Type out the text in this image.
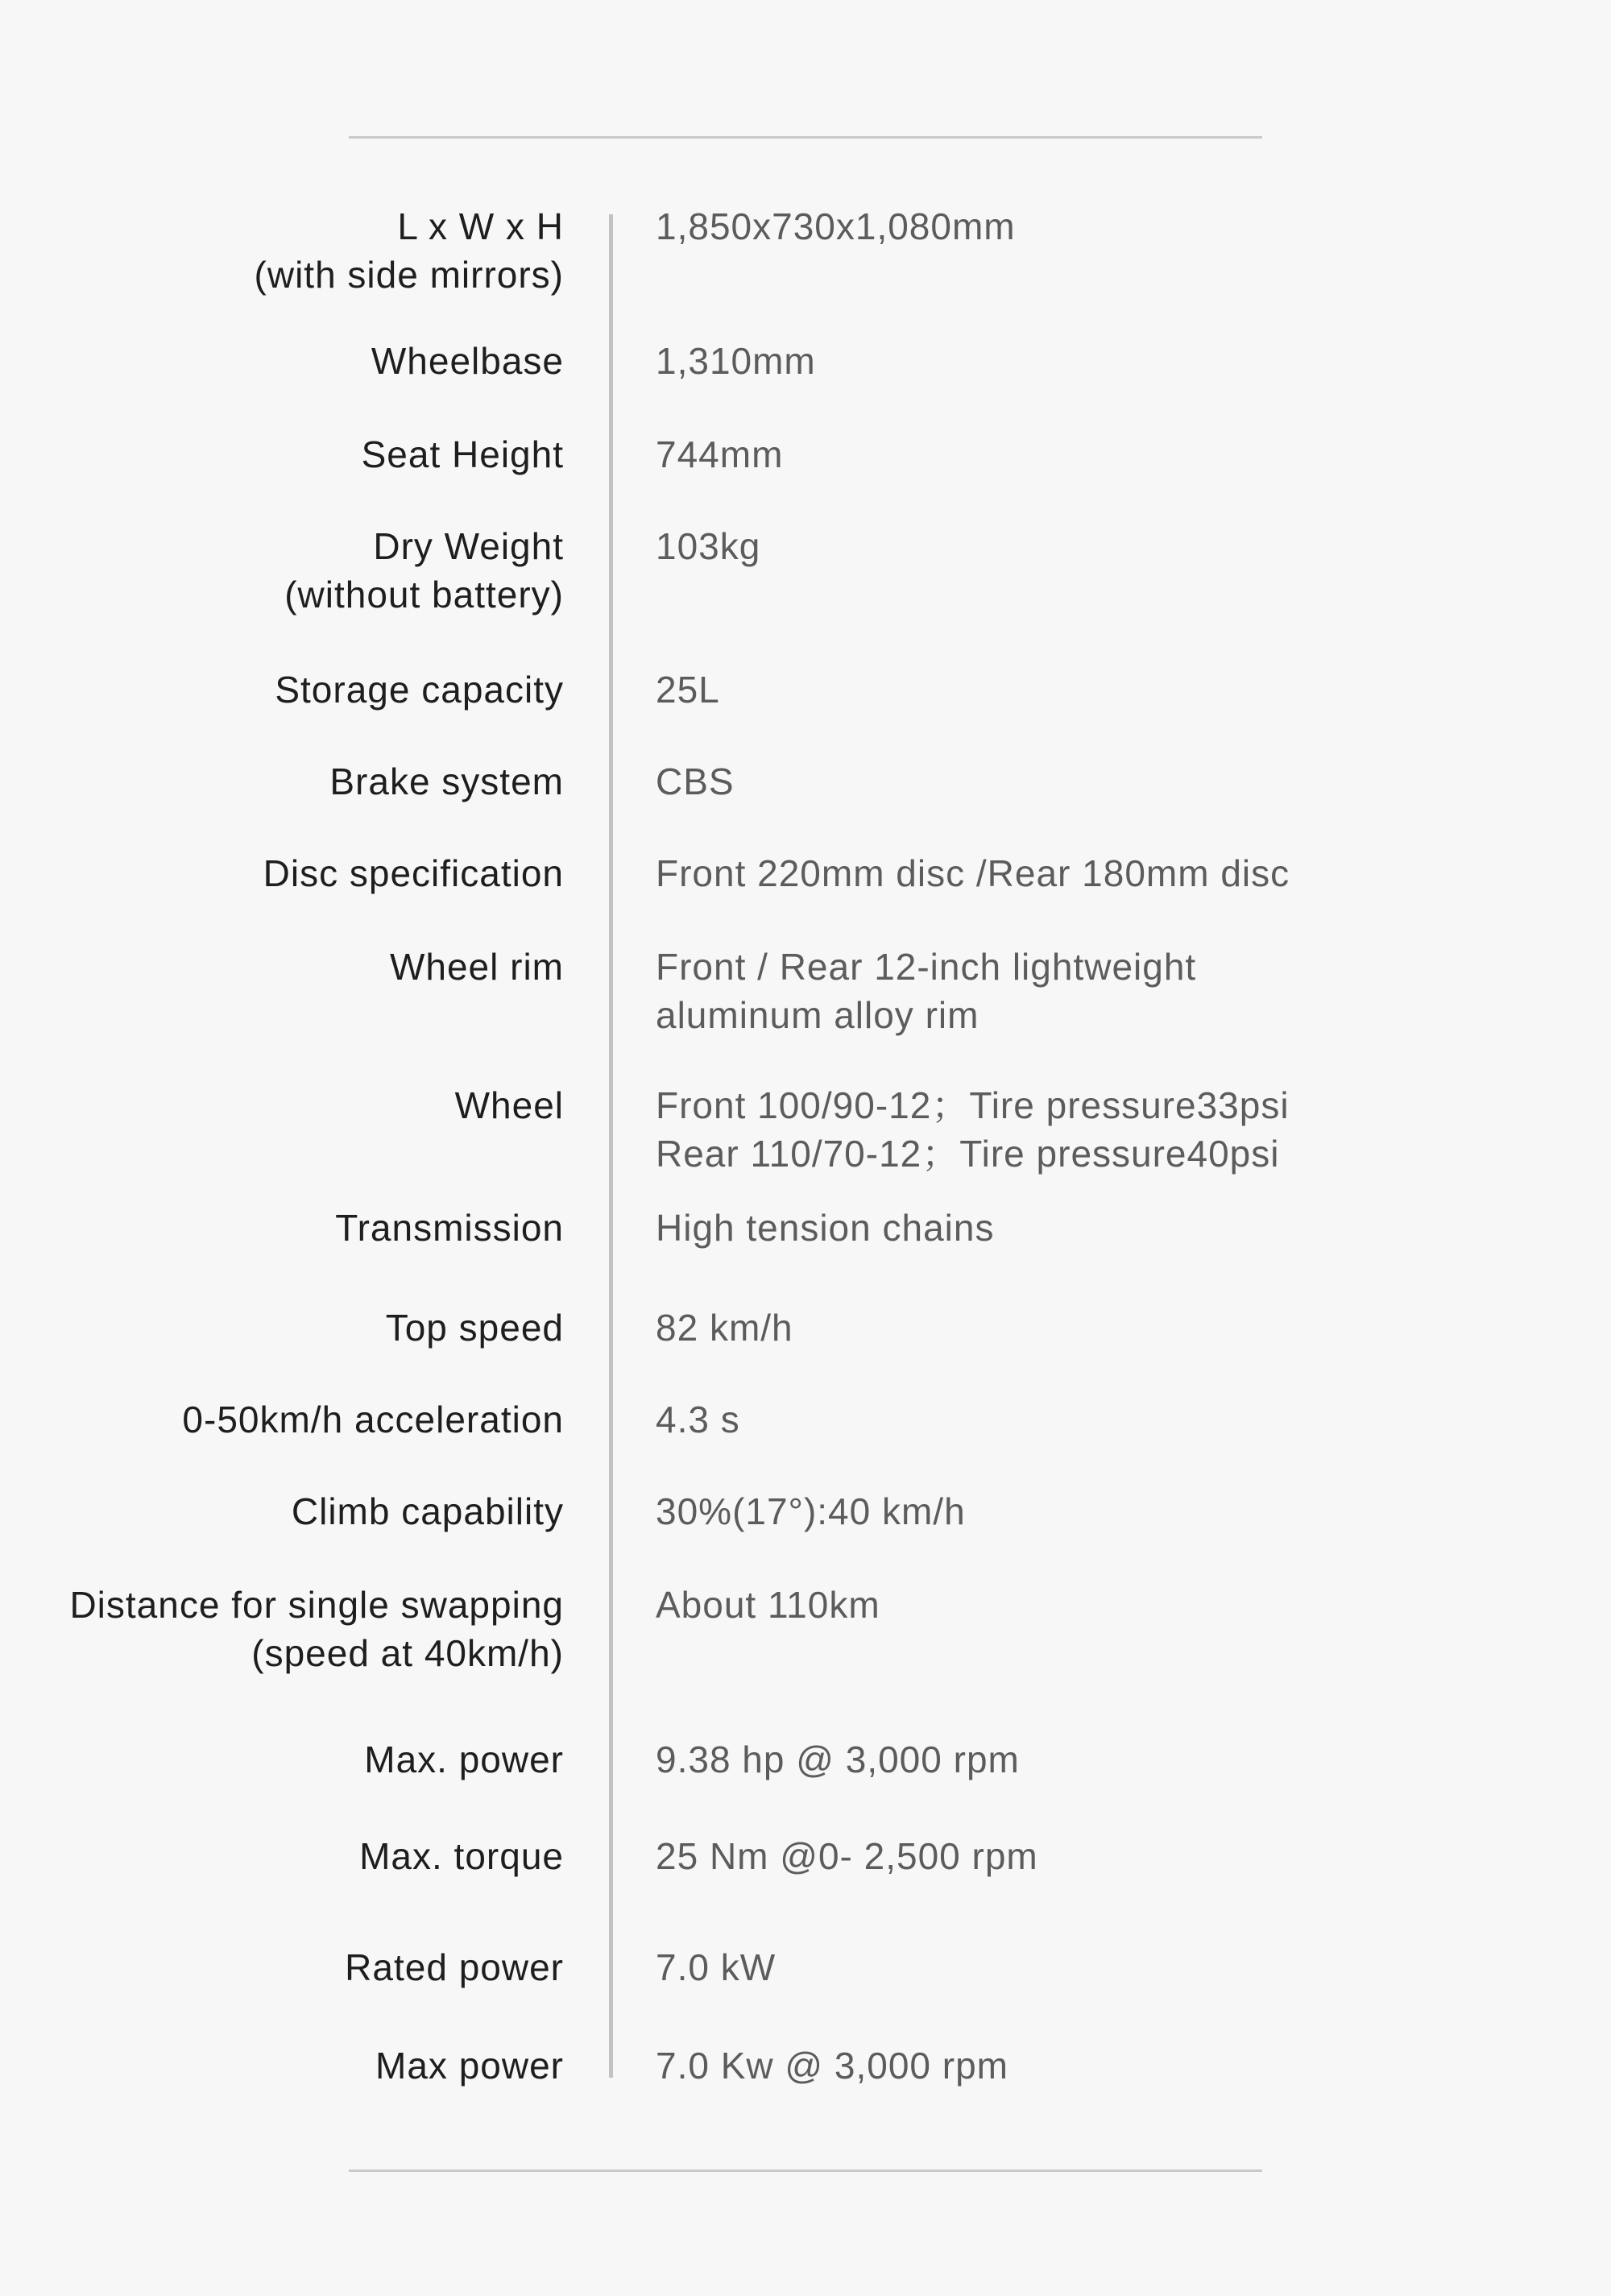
L x W x H
(with side mirrors)
1,850x730x1,080mm
Wheelbase 1,310mm
Seat Height 744mm
Dry Weight
(without battery)
103kg
Storage capacity 25L
Brake system CBS
Disc specification Front 220mm disc /Rear 180mm disc
Wheel rim Front / Rear 12-inch lightweight
aluminum alloy rim
Wheel Front 100/90-12；Tire pressure33psi
Rear 110/70-12；Tire pressure40psi
Transmission High tension chains
Top speed 82 km/h
0-50km/h acceleration 4.3 s
Climb capability 30%(17°):40 km/h
Distance for single swapping
(speed at 40km/h)
About 110km
Max. power 9.38 hp @ 3,000 rpm
Max. torque 25 Nm @0- 2,500 rpm
Rated power 7.0 kW
Max power 7.0 Kw @ 3,000 rpm
